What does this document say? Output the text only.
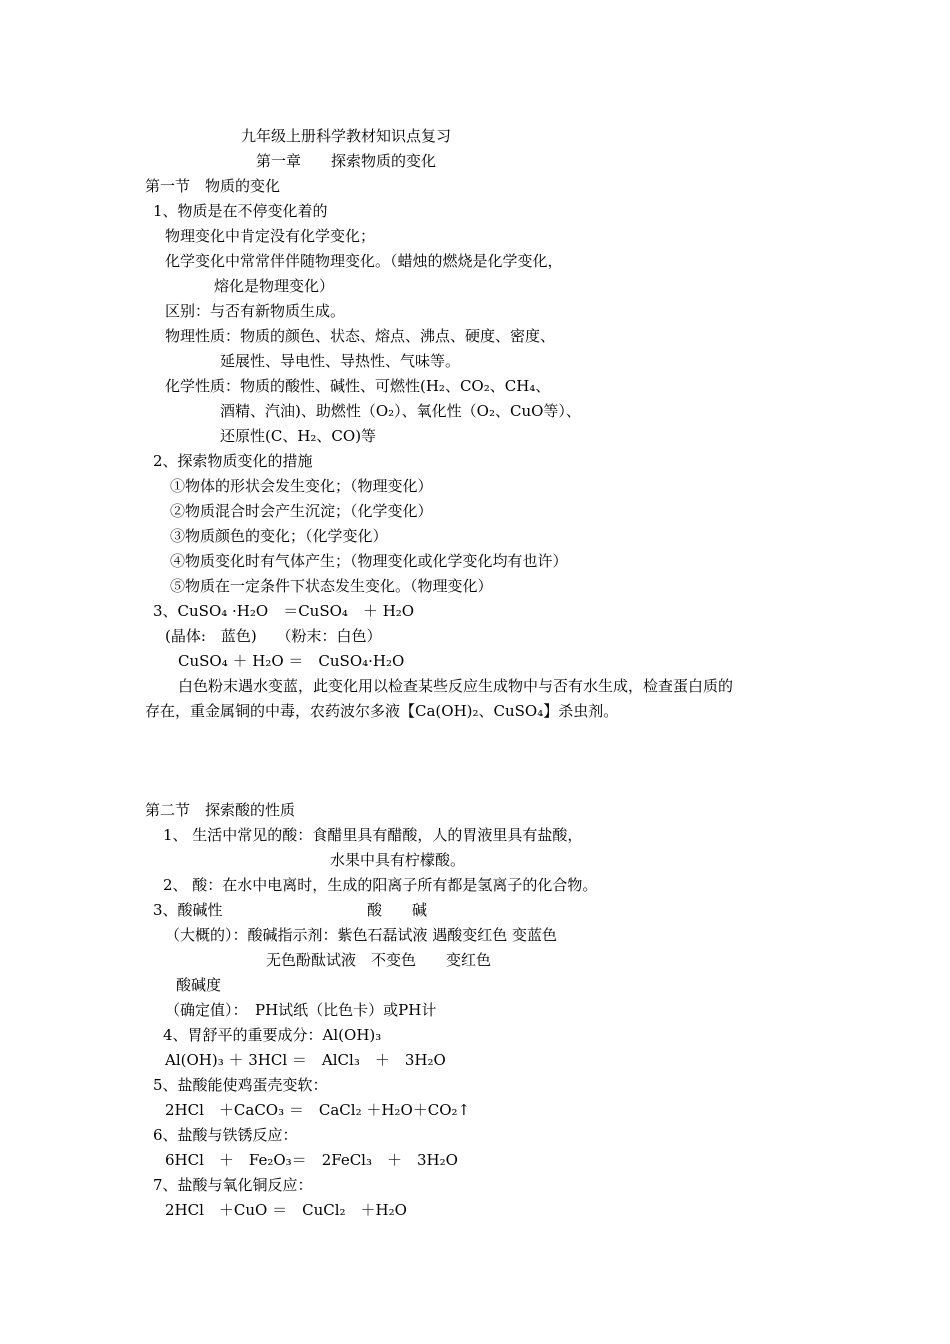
九年级上册科学教材知识点复习
第一章　　探索物质的变化
第一节　物质的变化
1、物质是在不停变化着的
物理变化中肯定没有化学变化；
化学变化中常常伴伴随物理变化。（蜡烛的燃烧是化学变化，
熔化是物理变化）
区别：与否有新物质生成。
物理性质：物质的颜色、状态、熔点、沸点、硬度、密度、
延展性、导电性、导热性、气味等。
化学性质：物质的酸性、碱性、可燃性(H₂、CO₂、CH₄、
酒精、汽油)、助燃性（O₂）、氧化性（O₂、CuO等）、
还原性(C、H₂、CO)等
2、探索物质变化的措施
①物体的形状会发生变化；（物理变化）
②物质混合时会产生沉淀；（化学变化）
③物质颜色的变化；（化学变化）
④物质变化时有气体产生；（物理变化或化学变化均有也许）
⑤物质在一定条件下状态发生变化。（物理变化）
3、CuSO₄ ·H₂O　＝CuSO₄　＋ H₂O
(晶体:　蓝色)　 （粉末：白色）
CuSO₄ ＋ H₂O ＝　CuSO₄·H₂O
白色粉末遇水变蓝，此变化用以检查某些反应生成物中与否有水生成，检查蛋白质的
存在，重金属铜的中毒，农药波尔多液【Ca(OH)₂、CuSO₄】杀虫剂。
第二节　探索酸的性质
1、 生活中常见的酸：食醋里具有醋酸，人的胃液里具有盐酸，
水果中具有柠檬酸。
2、 酸：在水中电离时，生成的阳离子所有都是氢离子的化合物。
3、酸碱性	酸　　碱
（大概的）：酸碱指示剂：紫色石磊试液 遇酸变红色 变蓝色
无色酚酞试液　不变色　　变红色
酸碱度
（确定值）：　PH试纸（比色卡）或PH计
4、胃舒平的重要成分：Al(OH)₃
Al(OH)₃ ＋ 3HCl ＝　AlCl₃　＋　3H₂O
5、盐酸能使鸡蛋壳变软：
2HCl　＋CaCO₃ ＝　CaCl₂ ＋H₂O＋CO₂↑
6、盐酸与铁锈反应：
6HCl　＋　Fe₂O₃＝　2FeCl₃　＋　3H₂O
7、盐酸与氧化铜反应：
2HCl　＋CuO ＝　CuCl₂　＋H₂O
